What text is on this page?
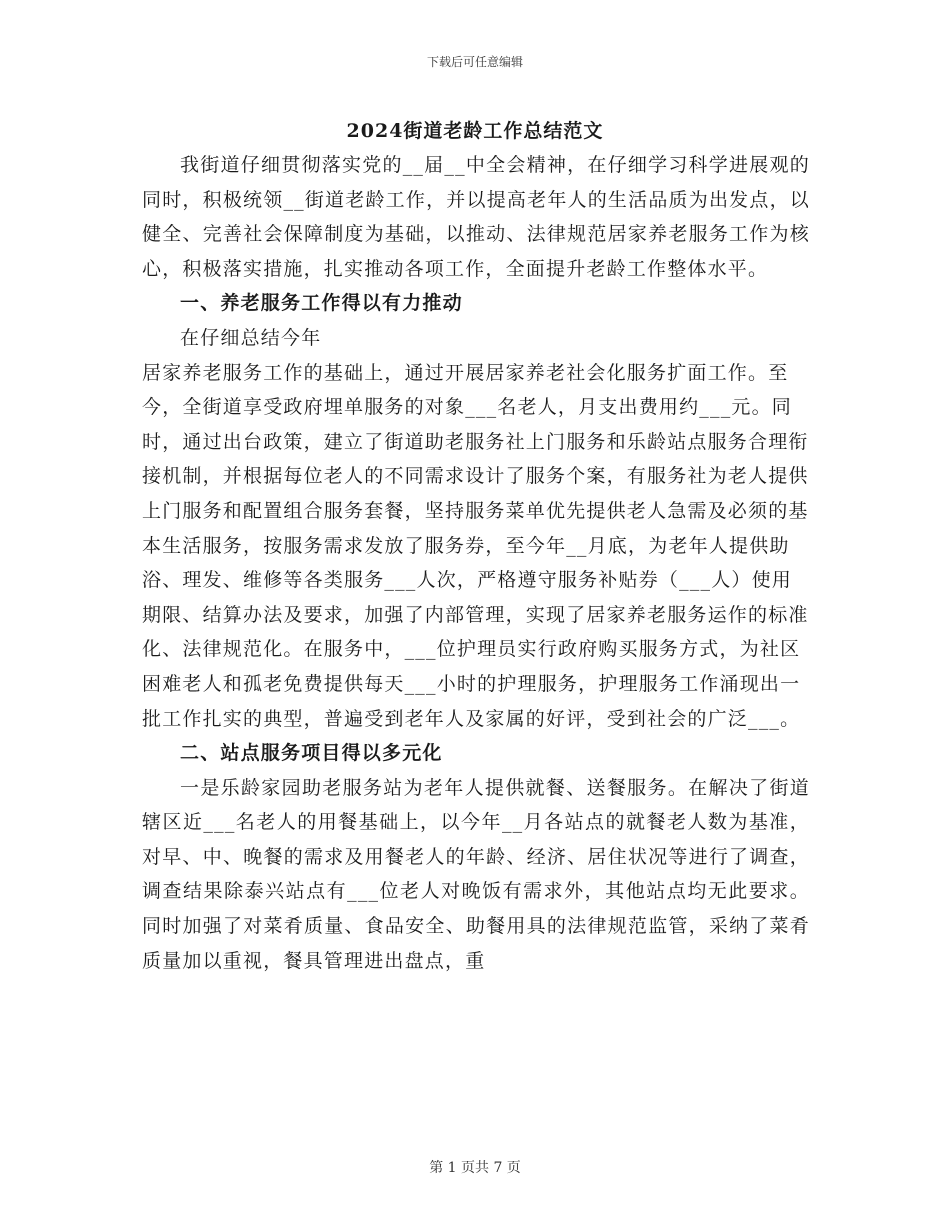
下载后可任意编辑
2024街道老龄工作总结范文

我街道仔细贯彻落实党的__届__中全会精神，在仔细学习科学进展观的同时，积极统领__街道老龄工作，并以提高老年人的生活品质为出发点，以健全、完善社会保障制度为基础，以推动、法律规范居家养老服务工作为核心，积极落实措施，扎实推动各项工作，全面提升老龄工作整体水平。

一、养老服务工作得以有力推动

在仔细总结今年

居家养老服务工作的基础上，通过开展居家养老社会化服务扩面工作。至今，全街道享受政府埋单服务的对象___名老人，月支出费用约___元。同时，通过出台政策，建立了街道助老服务社上门服务和乐龄站点服务合理衔接机制，并根据每位老人的不同需求设计了服务个案，有服务社为老人提供上门服务和配置组合服务套餐，坚持服务菜单优先提供老人急需及必须的基本生活服务，按服务需求发放了服务券，至今年__月底，为老年人提供助浴、理发、维修等各类服务___人次，严格遵守服务补贴券（___人）使用期限、结算办法及要求，加强了内部管理，实现了居家养老服务运作的标准化、法律规范化。在服务中，___位护理员实行政府购买服务方式，为社区困难老人和孤老免费提供每天___小时的护理服务，护理服务工作涌现出一批工作扎实的典型，普遍受到老年人及家属的好评，受到社会的广泛___。

二、站点服务项目得以多元化

一是乐龄家园助老服务站为老年人提供就餐、送餐服务。在解决了街道辖区近___名老人的用餐基础上，以今年__月各站点的就餐老人数为基准，对早、中、晚餐的需求及用餐老人的年龄、经济、居住状况等进行了调查，调查结果除泰兴站点有___位老人对晚饭有需求外，其他站点均无此要求。同时加强了对菜肴质量、食品安全、助餐用具的法律规范监管，采纳了菜肴质量加以重视，餐具管理进出盘点，重

第 1 页共 7 页
